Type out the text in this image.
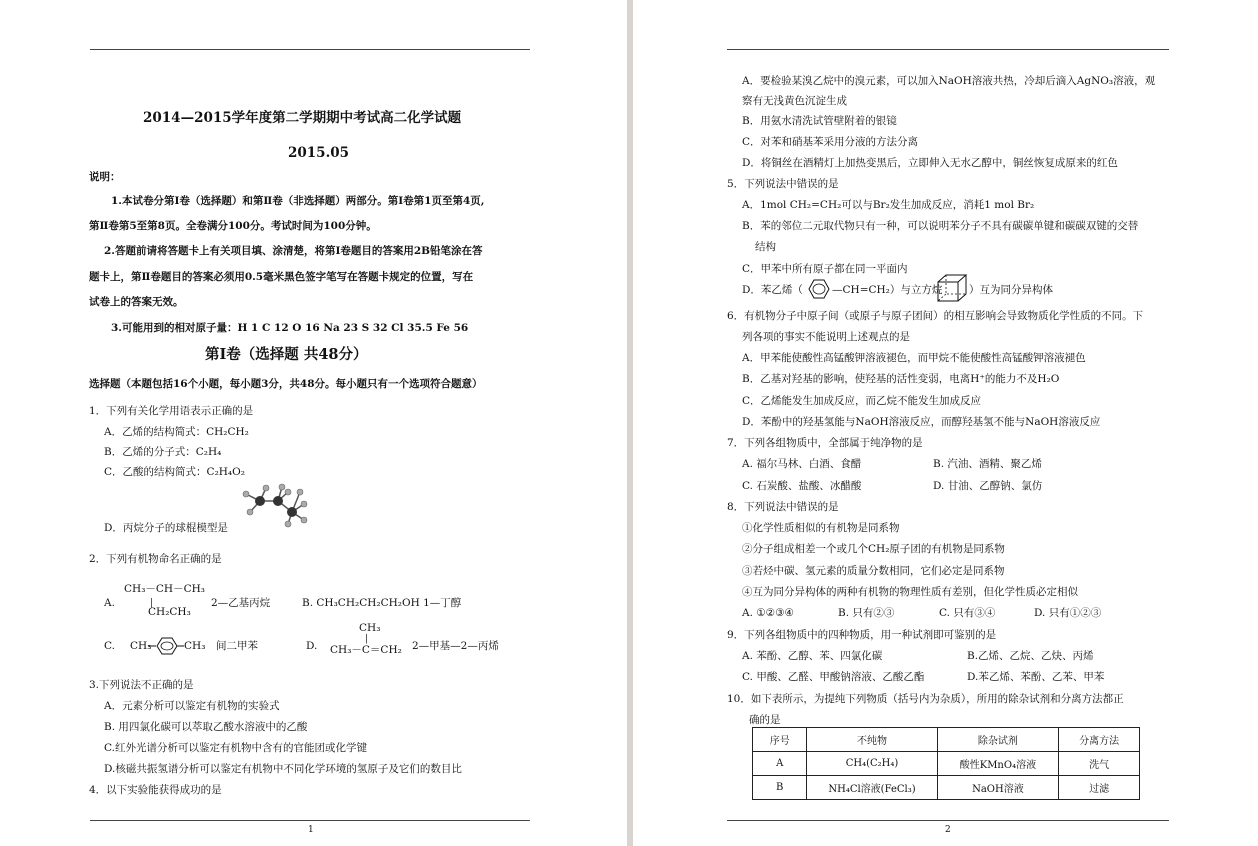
2014—2015学年度第二学期期中考试高二化学试题
2015.05
说明：
1.本试卷分第Ⅰ卷（选择题）和第Ⅱ卷（非选择题）两部分。第Ⅰ卷第1页至第4页,
第Ⅱ卷第5至第8页。全卷满分100分。考试时间为100分钟。
2.答题前请将答题卡上有关项目填、涂清楚，将第Ⅰ卷题目的答案用2B铅笔涂在答
题卡上，第Ⅱ卷题目的答案必须用0.5毫米黑色签字笔写在答题卡规定的位置，写在
试卷上的答案无效。
3.可能用到的相对原子量：H 1 C 12 O 16 Na 23 S 32 Cl 35.5 Fe 56
第Ⅰ卷（选择题 共48分）
选择题（本题包括16个小题，每小题3分，共48分。每小题只有一个选项符合题意）
1．下列有关化学用语表示正确的是
A．乙烯的结构简式：CH₂CH₂
B．乙烯的分子式：C₂H₄
C．乙酸的结构简式：C₂H₄O₂
D．丙烷分子的球棍模型是
2．下列有机物命名正确的是
A.
CH₃－CH－CH₃
|
CH₂CH₃
2—乙基丙烷	B. CH₃CH₂CH₂CH₂OH 1—丁醇
C. CH₃	CH₃ 间二甲苯	D.
CH₃
|
CH₃－C＝CH₂ 2—甲基—2—丙烯
3.下列说法不正确的是
A．元素分析可以鉴定有机物的实验式
B. 用四氯化碳可以萃取乙酸水溶液中的乙酸
C.红外光谱分析可以鉴定有机物中含有的官能团或化学键
D.核磁共振氢谱分析可以鉴定有机物中不同化学环境的氢原子及它们的数目比
4．以下实验能获得成功的是
1
A．要检验某溴乙烷中的溴元素，可以加入NaOH溶液共热，冷却后滴入AgNO₃溶液，观
察有无浅黄色沉淀生成
B．用氨水清洗试管壁附着的银镜
C．对苯和硝基苯采用分液的方法分离
D．将铜丝在酒精灯上加热变黑后，立即伸入无水乙醇中，铜丝恢复成原来的红色
5．下列说法中错误的是
A．1mol CH₂=CH₂可以与Br₂发生加成反应，消耗1 mol Br₂
B．苯的邻位二元取代物只有一种，可以说明苯分子不具有碳碳单键和碳碳双键的交替
结构
C．甲苯中所有原子都在同一平面内
D．苯乙烯（	—CH=CH₂）与立方烷	）互为同分异构体
6．有机物分子中原子间（或原子与原子团间）的相互影响会导致物质化学性质的不同。下
列各项的事实不能说明上述观点的是
A．甲苯能使酸性高锰酸钾溶液褪色，而甲烷不能使酸性高锰酸钾溶液褪色
B．乙基对羟基的影响，使羟基的活性变弱，电离H⁺的能力不及H₂O
C．乙烯能发生加成反应，而乙烷不能发生加成反应
D．苯酚中的羟基氢能与NaOH溶液反应，而醇羟基氢不能与NaOH溶液反应
7．下列各组物质中，全部属于纯净物的是
A. 福尔马林、白酒、食醋	B. 汽油、酒精、聚乙烯
C. 石炭酸、盐酸、冰醋酸	D. 甘油、乙醇钠、氯仿
8．下列说法中错误的是
①化学性质相似的有机物是同系物
②分子组成相差一个或几个CH₂原子团的有机物是同系物
③若烃中碳、氢元素的质量分数相同，它们必定是同系物
④互为同分异构体的两种有机物的物理性质有差别，但化学性质必定相似
A. ①②③④	B. 只有②③	C. 只有③④	D. 只有①②③
9．下列各组物质中的四种物质，用一种试剂即可鉴别的是
A. 苯酚、乙醇、苯、四氯化碳	B.乙烯、乙烷、乙炔、丙烯
C. 甲酸、乙醛、甲酸钠溶液、乙酸乙酯	D.苯乙烯、苯酚、乙苯、甲苯
10．如下表所示，为提纯下列物质（括号内为杂质），所用的除杂试剂和分离方法都正
确的是
序号	不纯物	除杂试剂	分离方法
A	CH₄(C₂H₄)	酸性KMnO₄溶液	洗气
B	NH₄Cl溶液(FeCl₃)	NaOH溶液	过滤
2
